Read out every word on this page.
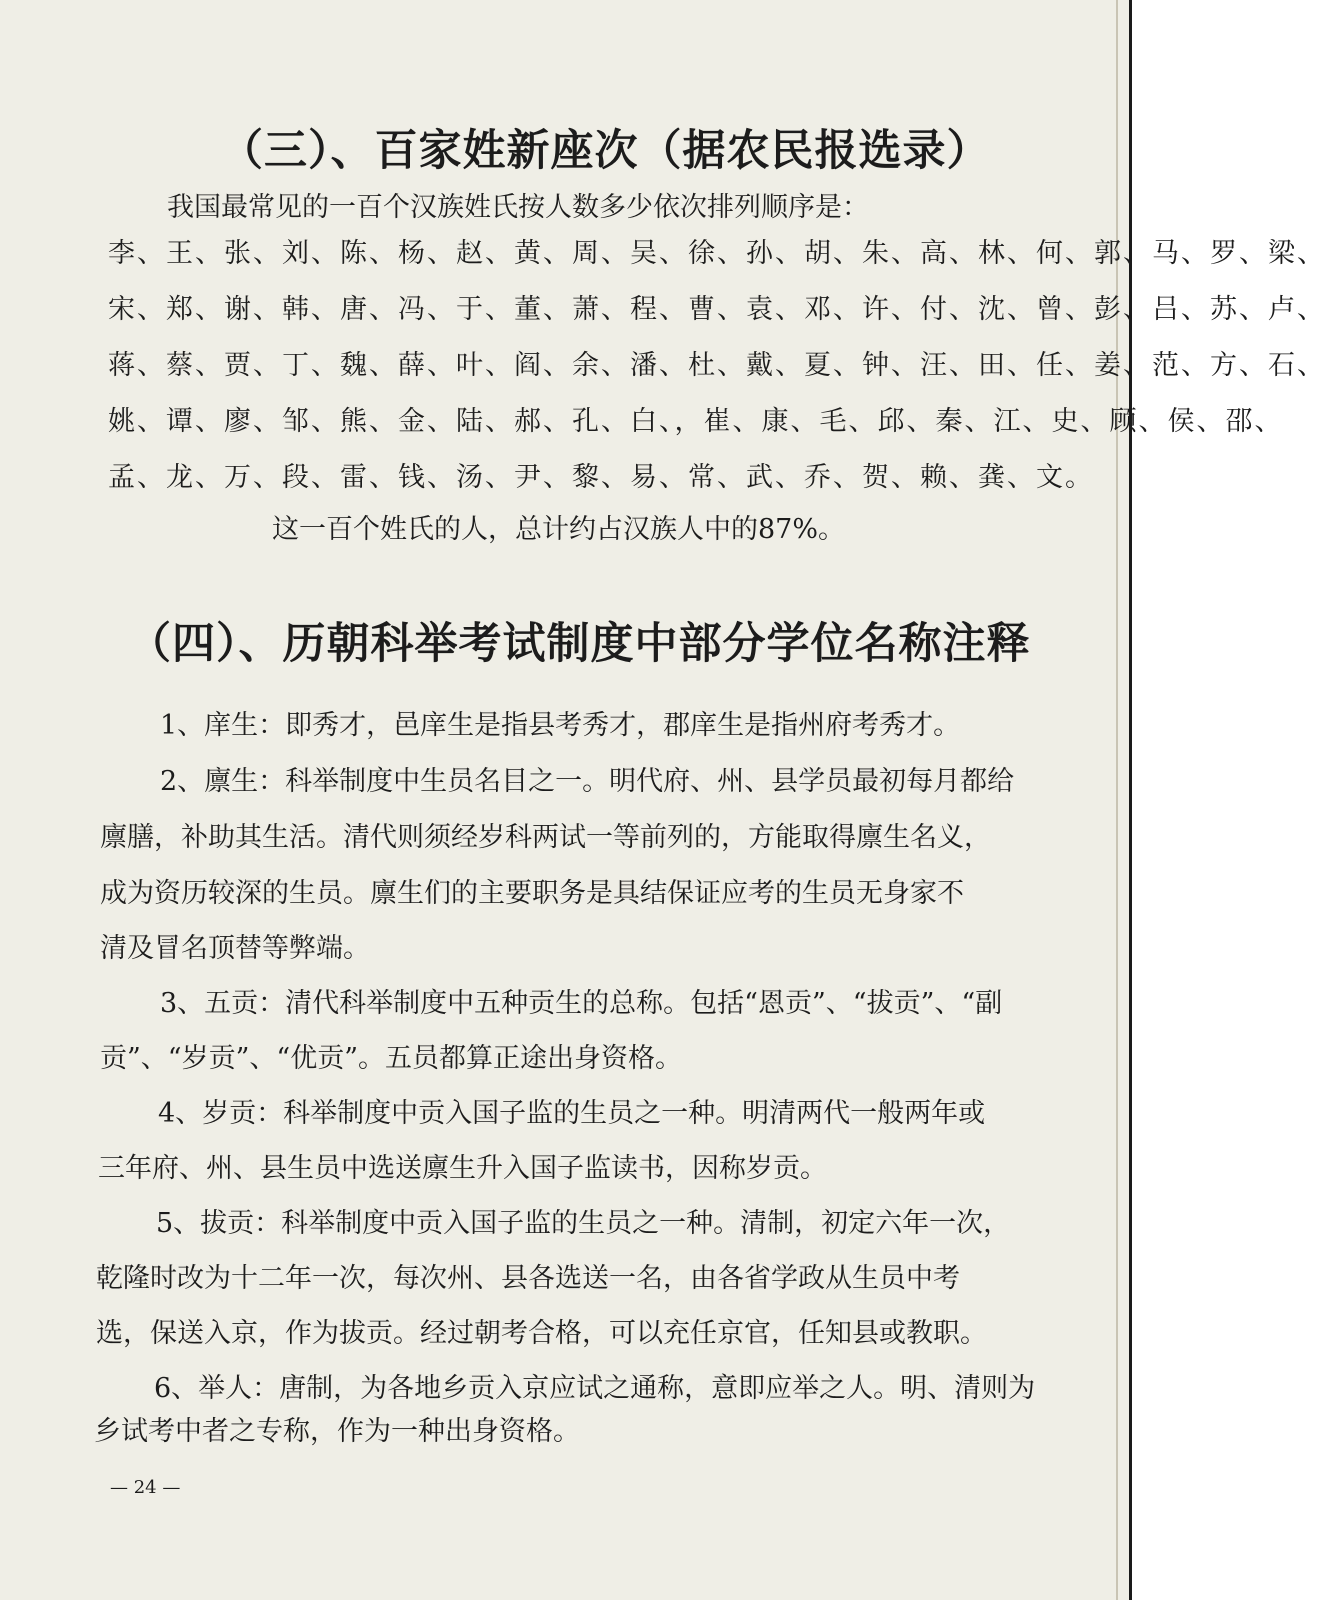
（三）、百家姓新座次（据农民报选录）

我国最常见的一百个汉族姓氏按人数多少依次排列顺序是：

李、王、张、刘、陈、杨、赵、黄、周、吴、徐、孙、胡、朱、高、林、何、郭、马、罗、梁、

宋、郑、谢、韩、唐、冯、于、董、萧、程、曹、袁、邓、许、付、沈、曾、彭、吕、苏、卢、

蒋、蔡、贾、丁、魏、薛、叶、阎、余、潘、杜、戴、夏、钟、汪、田、任、姜、范、方、石、

姚、谭、廖、邹、熊、金、陆、郝、孔、白、，崔、康、毛、邱、秦、江、史、顾、侯、邵、

孟、龙、万、段、雷、钱、汤、尹、黎、易、常、武、乔、贺、赖、龚、文。

这一百个姓氏的人，总计约占汉族人中的87%。

（四）、历朝科举考试制度中部分学位名称注释

1、庠生：即秀才，邑庠生是指县考秀才，郡庠生是指州府考秀才。

2、廪生：科举制度中生员名目之一。明代府、州、县学员最初每月都给

廪膳，补助其生活。清代则须经岁科两试一等前列的，方能取得廪生名义，

成为资历较深的生员。廪生们的主要职务是具结保证应考的生员无身家不

清及冒名顶替等弊端。

3、五贡：清代科举制度中五种贡生的总称。包括“恩贡”、“拔贡”、“副

贡”、“岁贡”、“优贡”。五员都算正途出身资格。

4、岁贡：科举制度中贡入国子监的生员之一种。明清两代一般两年或

三年府、州、县生员中选送廪生升入国子监读书，因称岁贡。

5、拔贡：科举制度中贡入国子监的生员之一种。清制，初定六年一次，

乾隆时改为十二年一次，每次州、县各选送一名，由各省学政从生员中考

选，保送入京，作为拔贡。经过朝考合格，可以充任京官，任知县或教职。

6、举人：唐制，为各地乡贡入京应试之通称，意即应举之人。明、清则为

乡试考中者之专称，作为一种出身资格。

— 24 —
